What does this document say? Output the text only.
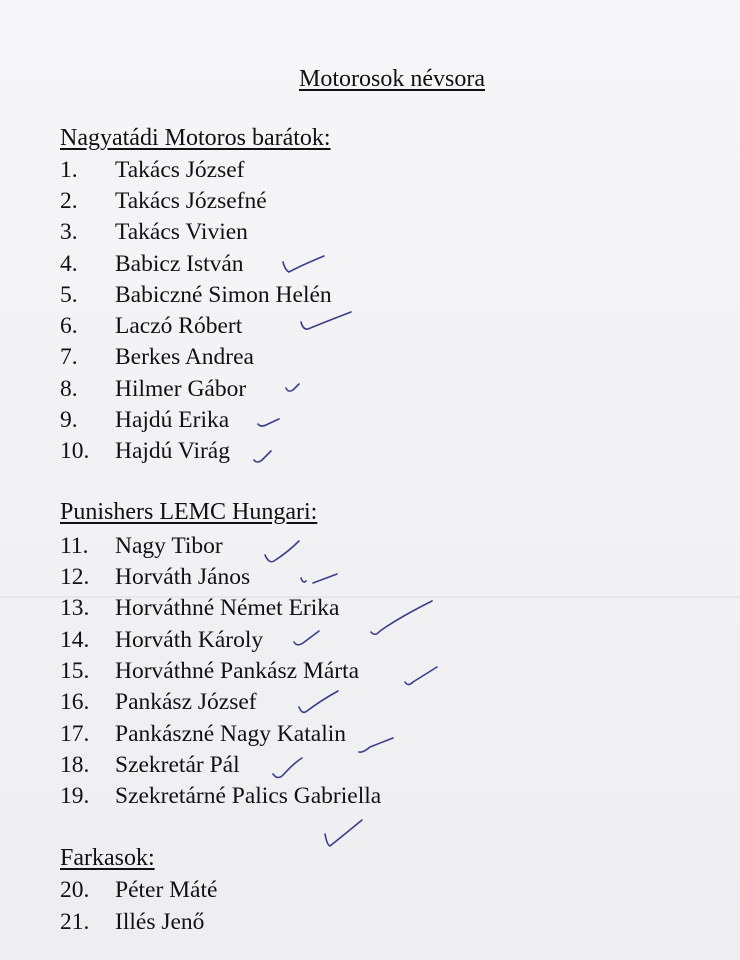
Motorosok névsora
Nagyatádi Motoros barátok:
1. Takács József
2. Takács Józsefné
3. Takács Vivien
4. Babicz István
5. Babiczné Simon Helén
6. Laczó Róbert
7. Berkes Andrea
8. Hilmer Gábor
9. Hajdú Erika
10. Hajdú Virág
Punishers LEMC Hungari:
11. Nagy Tibor
12. Horváth János
13. Horváthné Német Erika
14. Horváth Károly
15. Horváthné Pankász Márta
16. Pankász József
17. Pankászné Nagy Katalin
18. Szekretár Pál
19. Szekretárné Palics Gabriella
Farkasok:
20. Péter Máté
21. Illés Jenő
